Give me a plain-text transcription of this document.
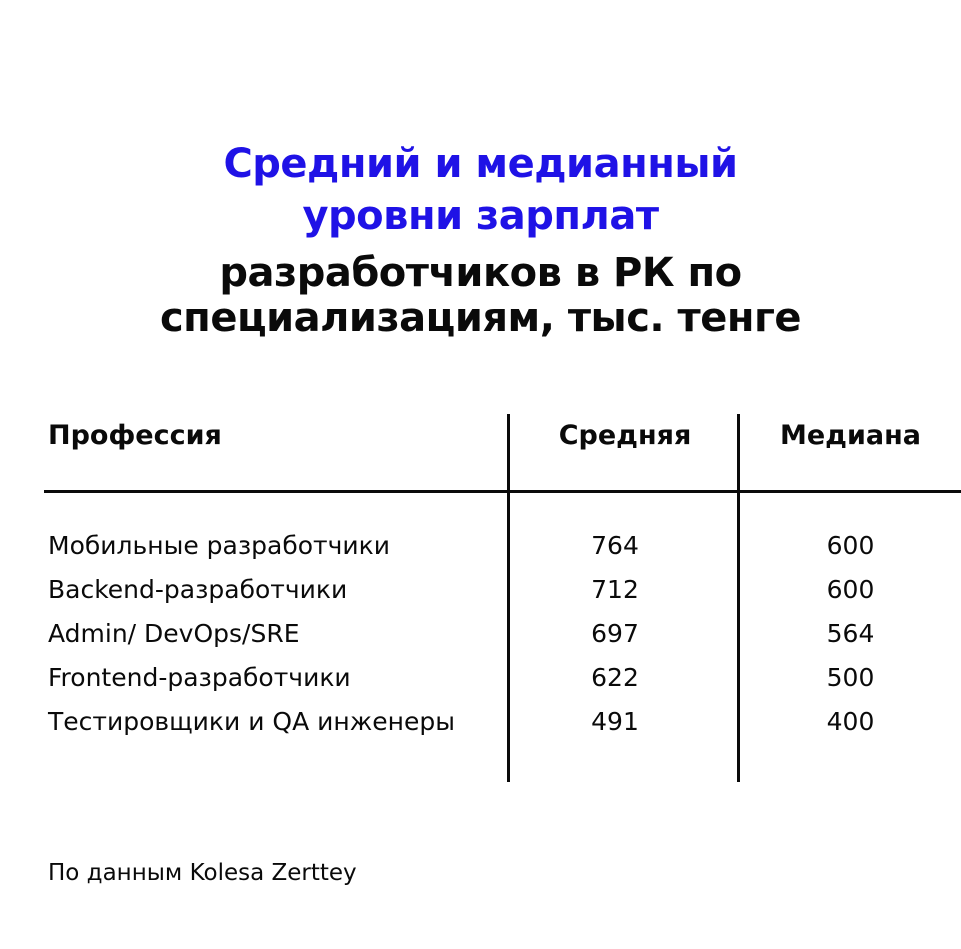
Средний и медианный
уровни зарплат
разработчиков в РК по
специализациям, тыс. тенге
Профессия	Средняя	Медиана
Мобильные разработчики	764	600
Backend-разработчики	712	600
Admin/ DevOps/SRE	697	564
Frontend-разработчики	622	500
Тестировщики и QA инженеры	491	400
По данным Kolesa Zerttey
